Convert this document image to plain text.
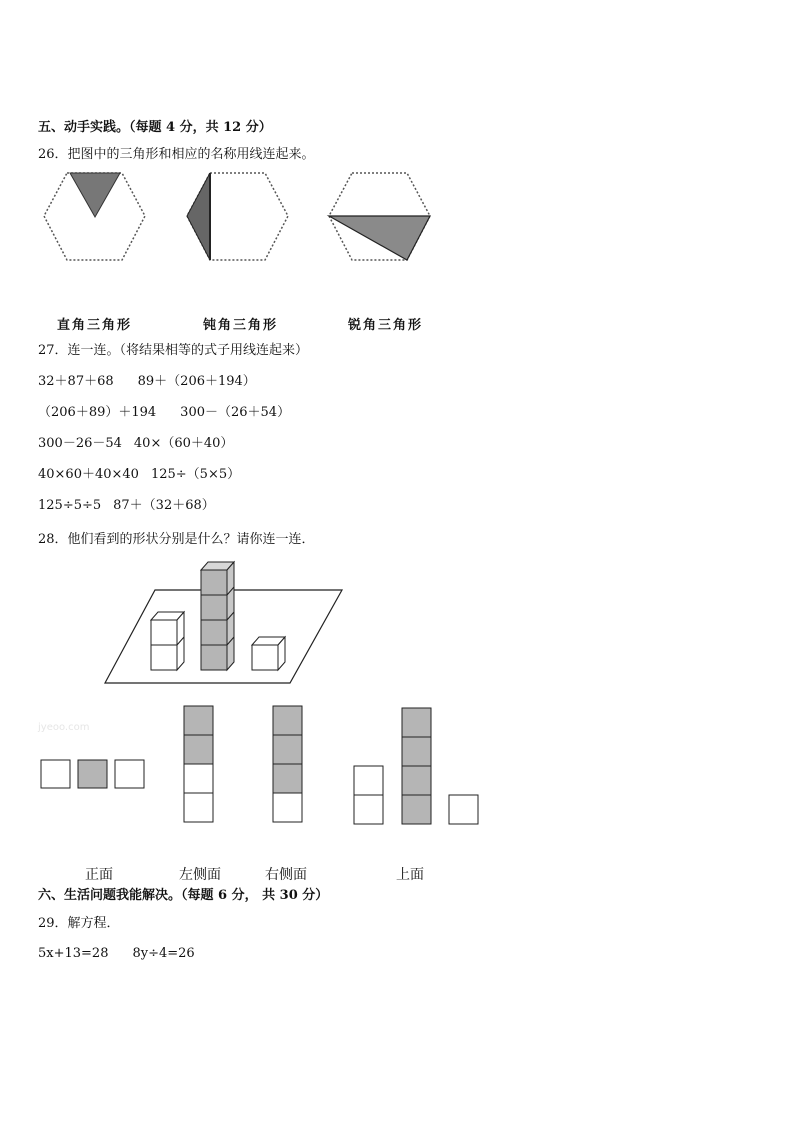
五、动手实践。（每题 4 分，共 12 分）
26．把图中的三角形和相应的名称用线连起来。
直角三角形	钝角三角形	锐角三角形
27．连一连。（将结果相等的式子用线连起来）
32＋87＋68 89＋（206＋194）
（206＋89）＋194 300－（26＋54）
300－26－54 40×（60＋40）
40×60＋40×40 125÷（5×5）
125÷5÷5 87＋（32＋68）
28．他们看到的形状分别是什么？请你连一连．
jyeoo.com
正面	左侧面	右侧面	上面
六、生活问题我能解决。（每题 6 分， 共 30 分）
29．解方程．
5x+13=28 8y÷4=26
